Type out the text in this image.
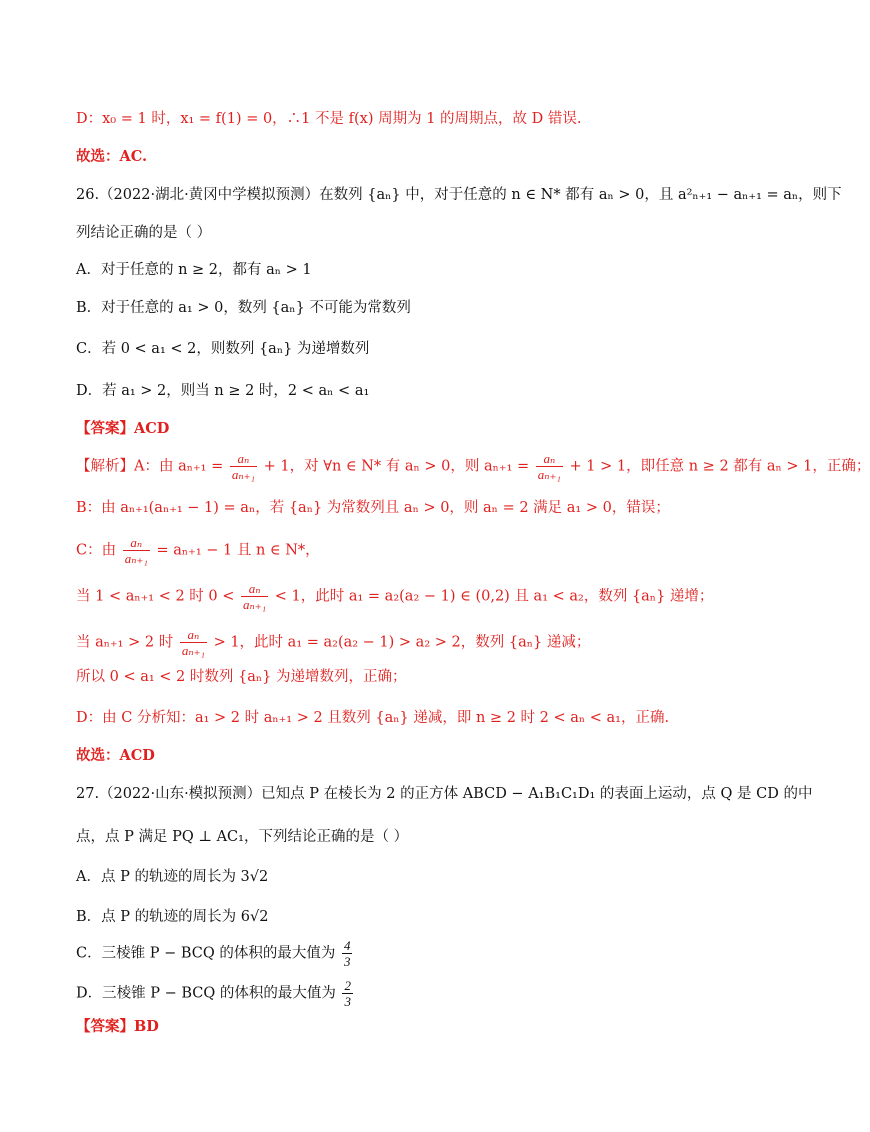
D：x₀ = 1 时，x₁ = f(1) = 0，∴1 不是 f(x) 周期为 1 的周期点，故 D 错误.
故选：AC.
26.（2022·湖北·黄冈中学模拟预测）在数列 {aₙ} 中，对于任意的 n ∈ N* 都有 aₙ > 0，且 a²ₙ₊₁ − aₙ₊₁ = aₙ，则下
列结论正确的是（ ）
A．对于任意的 n ≥ 2，都有 aₙ > 1
B．对于任意的 a₁ > 0，数列 {aₙ} 不可能为常数列
C．若 0 < a₁ < 2，则数列 {aₙ} 为递增数列
D．若 a₁ > 2，则当 n ≥ 2 时，2 < aₙ < a₁
【答案】ACD
【解析】A：由 $a_{n+1} = \frac{\text{aₙ}}{\text{aₙ₊₁}} + 1$，对 ∀n ∈ N* 有 aₙ > 0，则 $a_{n+1} = \frac{\text{aₙ}}{\text{aₙ₊₁}} + 1 > 1$，即任意 n ≥ 2 都有 aₙ > 1，正确；
B：由 aₙ₊₁(aₙ₊₁ − 1) = aₙ，若 {aₙ} 为常数列且 aₙ > 0，则 aₙ = 2 满足 a₁ > 0，错误；
C：由 $\frac{\text{aₙ}}{\text{aₙ₊₁}} = a_{n+1} - 1$ 且 n ∈ N*，
当 1 < aₙ₊₁ < 2 时 $0 < \frac{\text{aₙ}}{\text{aₙ₊₁}} < 1$，此时 a₁ = a₂(a₂ − 1) ∈ (0,2) 且 a₁ < a₂，数列 {aₙ} 递增；
当 aₙ₊₁ > 2 时 $\frac{\text{aₙ}}{\text{aₙ₊₁}} > 1$，此时 a₁ = a₂(a₂ − 1) > a₂ > 2，数列 {aₙ} 递减；
所以 0 < a₁ < 2 时数列 {aₙ} 为递增数列，正确；
D：由 C 分析知：a₁ > 2 时 aₙ₊₁ > 2 且数列 {aₙ} 递减，即 n ≥ 2 时 2 < aₙ < a₁，正确.
故选：ACD
27.（2022·山东·模拟预测）已知点 P 在棱长为 2 的正方体 ABCD − A₁B₁C₁D₁ 的表面上运动，点 Q 是 CD 的中
点，点 P 满足 PQ ⊥ AC₁，下列结论正确的是（ ）
A．点 P 的轨迹的周长为 3√2
B．点 P 的轨迹的周长为 6√2
C．三棱锥 P − BCQ 的体积的最大值为 $\frac{4}{3}$
D．三棱锥 P − BCQ 的体积的最大值为 $\frac{2}{3}$
【答案】BD
